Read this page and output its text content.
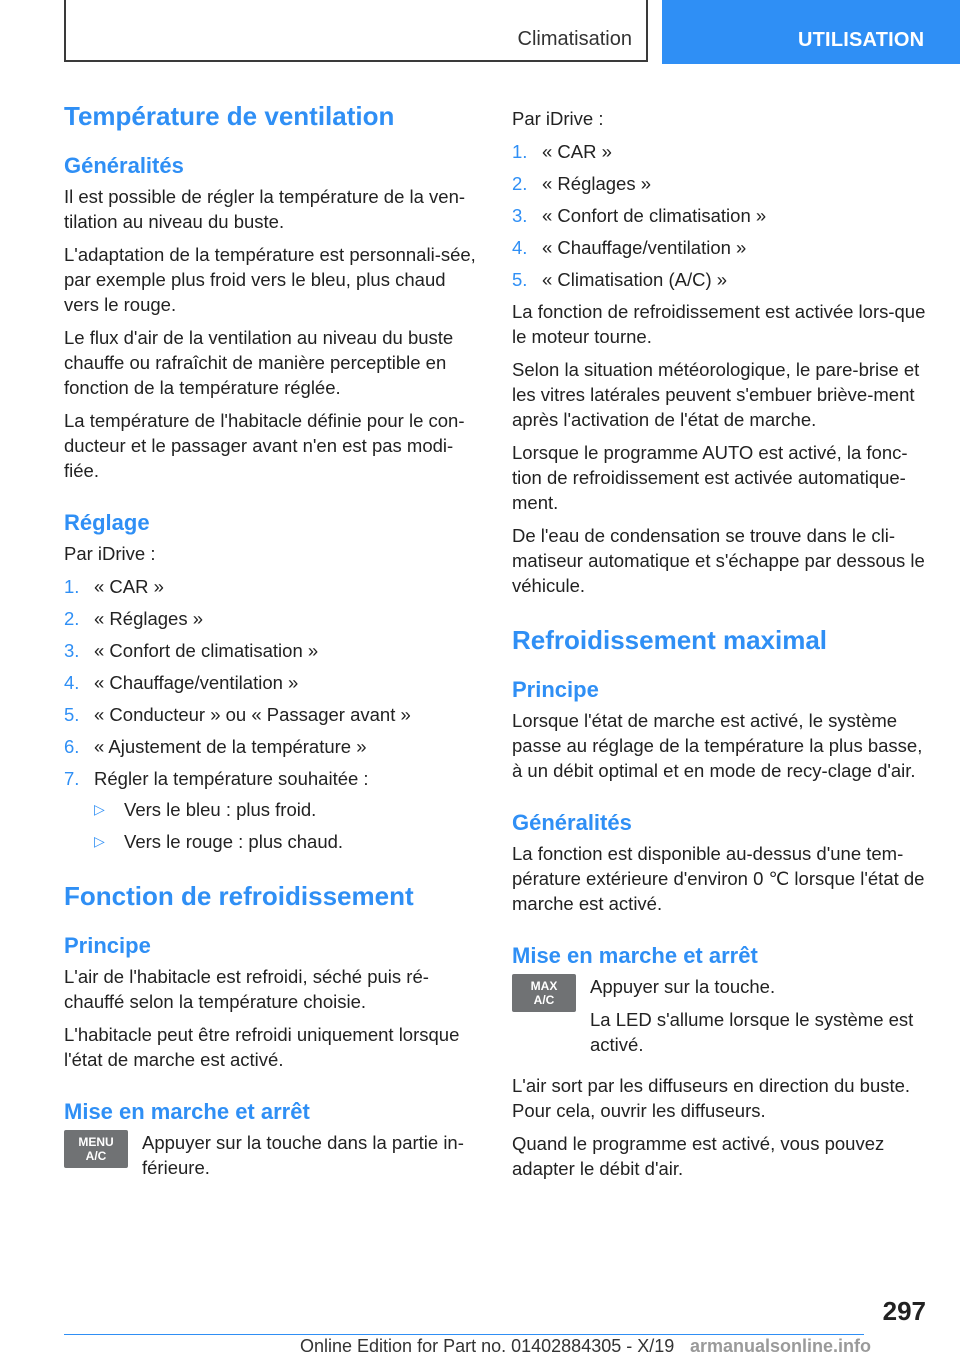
Climatisation	UTILISATION
Température de ventilation
Généralités

Il est possible de régler la température de la ven-tilation au niveau du buste.

L'adaptation de la température est personnali-sée, par exemple plus froid vers le bleu, plus chaud vers le rouge.

Le flux d'air de la ventilation au niveau du buste chauffe ou rafraîchit de manière perceptible en fonction de la température réglée.

La température de l'habitacle définie pour le con-ducteur et le passager avant n'en est pas modi-fiée.

Réglage

Par iDrive :

1. « CAR »
2. « Réglages »
3. « Confort de climatisation »
4. « Chauffage/ventilation »
5. « Conducteur » ou « Passager avant »
6. « Ajustement de la température »
7. Régler la température souhaitée :
▷ Vers le bleu : plus froid.
▷ Vers le rouge : plus chaud.
Fonction de refroidissement
Principe

L'air de l'habitacle est refroidi, séché puis ré-chauffé selon la température choisie.

L'habitacle peut être refroidi uniquement lorsque l'état de marche est activé.

Mise en marche et arrêt
MENU
A/C

Appuyer sur la touche dans la partie in-férieure.

Par iDrive :

1. « CAR »
2. « Réglages »
3. « Confort de climatisation »
4. « Chauffage/ventilation »
5. « Climatisation (A/C) »

La fonction de refroidissement est activée lors-que le moteur tourne.

Selon la situation météorologique, le pare-brise et les vitres latérales peuvent s'embuer briève-ment après l'activation de l'état de marche.

Lorsque le programme AUTO est activé, la fonc-tion de refroidissement est activée automatique-ment.

De l'eau de condensation se trouve dans le cli-matiseur automatique et s'échappe par dessous le véhicule.

Refroidissement maximal
Principe

Lorsque l'état de marche est activé, le système passe au réglage de la température la plus basse, à un débit optimal et en mode de recy-clage d'air.

Généralités

La fonction est disponible au-dessus d'une tem-pérature extérieure d'environ 0 ℃ lorsque l'état de marche est activé.

Mise en marche et arrêt
MAX
A/C

Appuyer sur la touche.

La LED s'allume lorsque le système est activé.

L'air sort par les diffuseurs en direction du buste. Pour cela, ouvrir les diffuseurs.

Quand le programme est activé, vous pouvez adapter le débit d'air.

297
Online Edition for Part no. 01402884305 - X/19 armanualsonline.info
